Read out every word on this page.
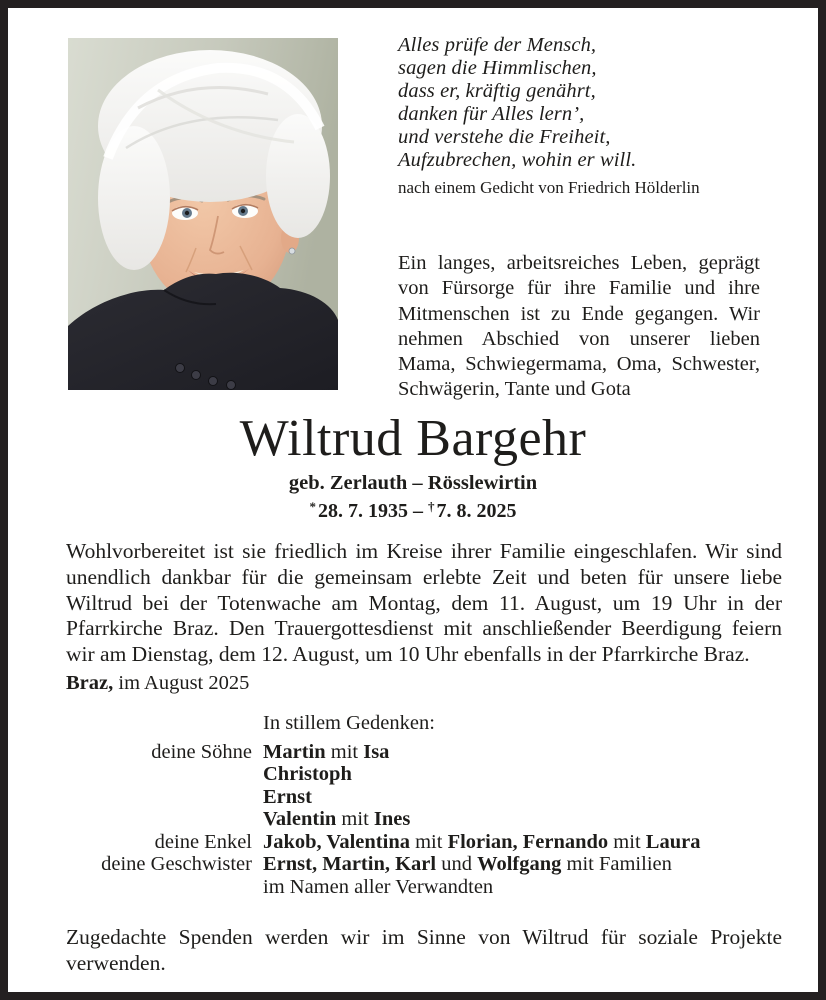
Alles prüfe der Mensch,
sagen die Himmlischen,
dass er, kräftig genährt,
danken für Alles lern’,
und verstehe die Freiheit,
Aufzubrechen, wohin er will.
nach einem Gedicht von Friedrich Hölderlin

Ein langes, arbeitsreiches Leben, geprägt von Fürsorge für ihre Familie und ihre Mitmenschen ist zu Ende gegangen. Wir nehmen Abschied von unserer lieben Mama, Schwiegermama, Oma, Schwester, Schwägerin, Tante und Gota

Wiltrud Bargehr
geb. Zerlauth – Rösslewirtin
* 28. 7. 1935 – † 7. 8. 2025

Wohlvorbereitet ist sie friedlich im Kreise ihrer Familie eingeschlafen. Wir sind unendlich dankbar für die gemeinsam erlebte Zeit und beten für unsere liebe Wiltrud bei der Totenwache am Montag, dem 11. August, um 19 Uhr in der Pfarrkirche Braz. Den Trauergottesdienst mit anschließender Beerdigung feiern wir am Dienstag, dem 12. August, um 10 Uhr ebenfalls in der Pfarrkirche Braz.

Braz, im August 2025

In stillem Gedenken:
deine Söhne Martin mit Isa
Christoph
Ernst
Valentin mit Ines
deine Enkel Jakob, Valentina mit Florian, Fernando mit Laura
deine Geschwister Ernst, Martin, Karl und Wolfgang mit Familien
im Namen aller Verwandten

Zugedachte Spenden werden wir im Sinne von Wiltrud für soziale Projekte verwenden.
